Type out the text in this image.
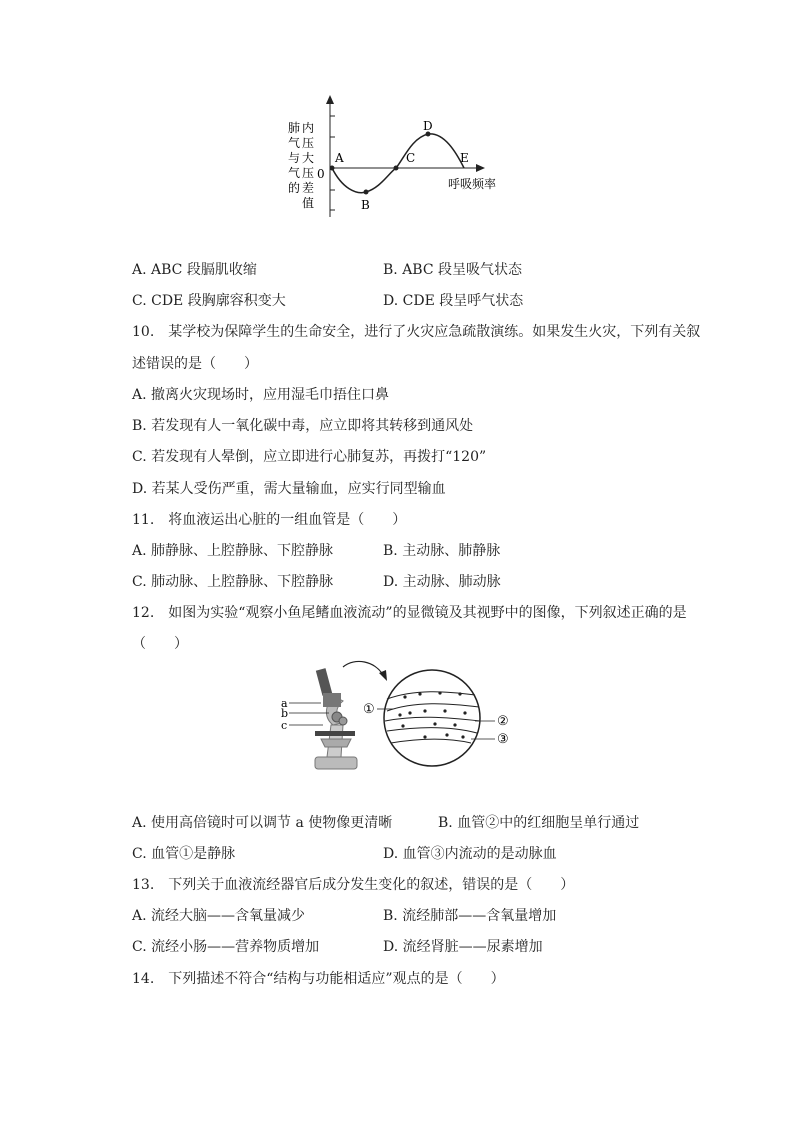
0
A
B
C
D
E
呼吸频率
肺气与气的内压大压差值
A. ABC 段膈肌收缩	B. ABC 段呈吸气状态
C. CDE 段胸廓容积变大	D. CDE 段呈呼气状态
10.　某学校为保障学生的生命安全，进行了火灾应急疏散演练。如果发生火灾，下列有关叙
述错误的是（　　）
A. 撤离火灾现场时，应用湿毛巾捂住口鼻
B. 若发现有人一氧化碳中毒，应立即将其转移到通风处
C. 若发现有人晕倒，应立即进行心肺复苏，再拨打“120”
D. 若某人受伤严重，需大量输血，应实行同型输血
11.　将血液运出心脏的一组血管是（　　）
A. 肺静脉、上腔静脉、下腔静脉	B. 主动脉、肺静脉
C. 肺动脉、上腔静脉、下腔静脉	D. 主动脉、肺动脉
12.　如图为实验“观察小鱼尾鳍血液流动”的显微镜及其视野中的图像，下列叙述正确的是
（　　）
a
b
c
①
②
③
A. 使用高倍镜时可以调节 a 使物像更清晰	B. 血管②中的红细胞呈单行通过
C. 血管①是静脉	D. 血管③内流动的是动脉血
13.　下列关于血液流经器官后成分发生变化的叙述，错误的是（　　）
A. 流经大脑——含氧量减少	B. 流经肺部——含氧量增加
C. 流经小肠——营养物质增加	D. 流经肾脏——尿素增加
14.　下列描述不符合“结构与功能相适应”观点的是（　　）
